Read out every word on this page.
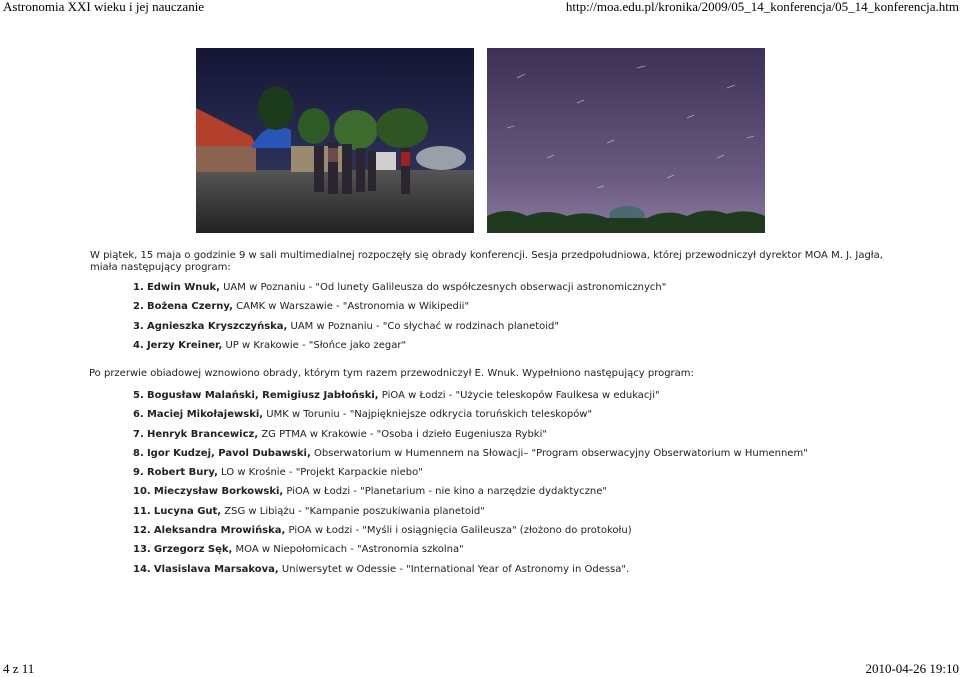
Astronomia XXI wieku i jej nauczanie	http://moa.edu.pl/kronika/2009/05_14_konferencja/05_14_konferencja.htm
W piątek, 15 maja o godzinie 9 w sali multimedialnej rozpoczęły się obrady konferencji. Sesja przedpołudniowa, której przewodniczył dyrektor MOA M. J. Jagła, miała następujący program:
1. Edwin Wnuk, UAM w Poznaniu - "Od lunety Galileusza do współczesnych obserwacji astronomicznych"
2. Bożena Czerny, CAMK w Warszawie - "Astronomia w Wikipedii"
3. Agnieszka Kryszczyńska, UAM w Poznaniu - "Co słychać w rodzinach planetoid"
4. Jerzy Kreiner, UP w Krakowie - "Słońce jako zegar"
Po przerwie obiadowej wznowiono obrady, którym tym razem przewodniczył E. Wnuk. Wypełniono następujący program:
5. Bogusław Malański, Remigiusz Jabłoński, PiOA w Łodzi - "Użycie teleskopów Faulkesa w edukacji"
6. Maciej Mikołajewski, UMK w Toruniu - "Najpiękniejsze odkrycia toruńskich teleskopów"
7. Henryk Brancewicz, ZG PTMA w Krakowie - "Osoba i dzieło Eugeniusza Rybki"
8. Igor Kudzej, Pavol Dubawski, Obserwatorium w Humennem na Słowacji– "Program obserwacyjny Obserwatorium w Humennem"
9. Robert Bury, LO w Krośnie - "Projekt Karpackie niebo"
10. Mieczysław Borkowski, PiOA w Łodzi - "Planetarium - nie kino a narzędzie dydaktyczne"
11. Lucyna Gut, ZSG w Libiążu - "Kampanie poszukiwania planetoid"
12. Aleksandra Mrowińska, PiOA w Łodzi - "Myśli i osiągnięcia Galileusza" (złożono do protokołu)
13. Grzegorz Sęk, MOA w Niepołomicach - "Astronomia szkolna"
14. Vlasislava Marsakova, Uniwersytet w Odessie - "International Year of Astronomy in Odessa".
4 z 11	2010-04-26 19:10
